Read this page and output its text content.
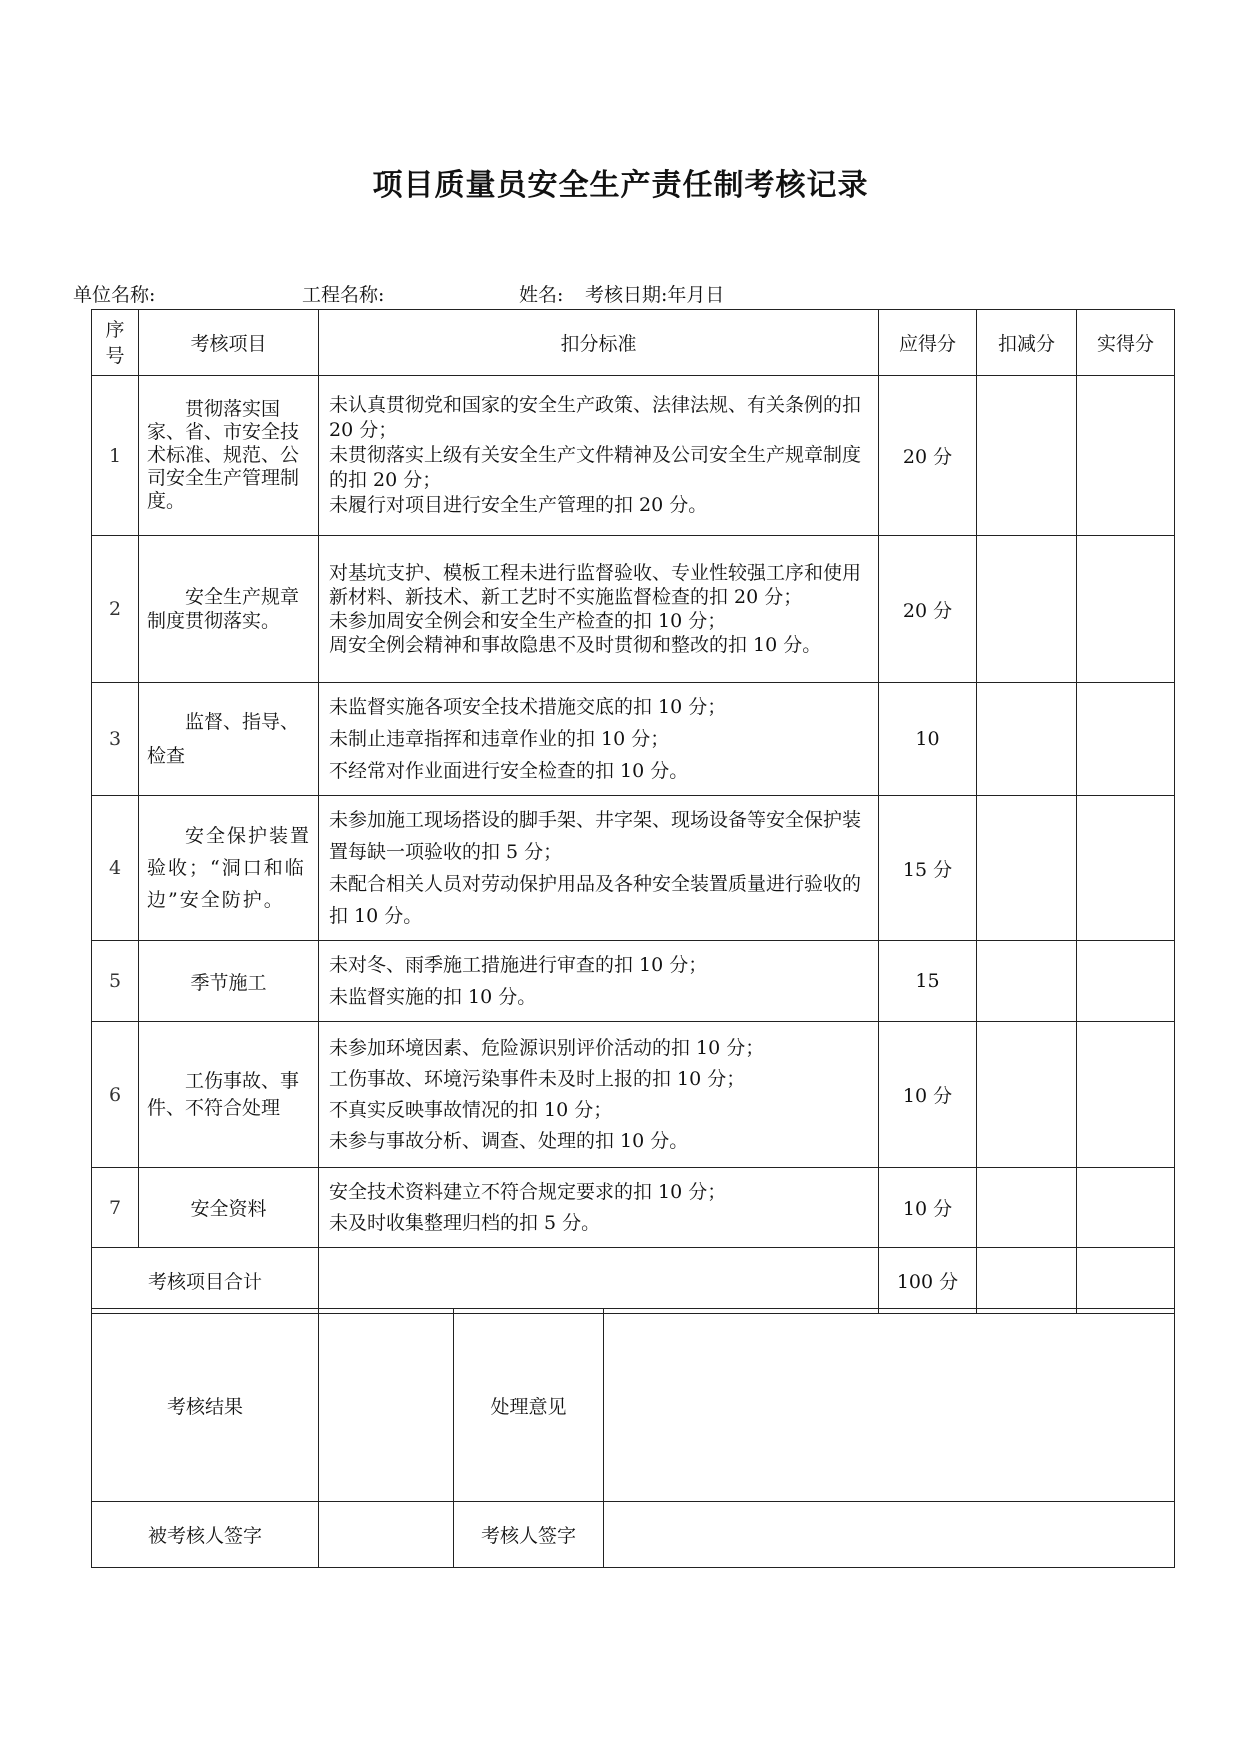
项目质量员安全生产责任制考核记录
单位名称:	工程名称:	姓名: 考核日期:年月日
序
号	考核项目	扣分标准	应得分	扣减分	实得分
1	贯彻落实国家、省、市安全技术标准、规范、公司安全生产管理制度。	未认真贯彻党和国家的安全生产政策、法律法规、有关条例的扣 20 分；
未贯彻落实上级有关安全生产文件精神及公司安全生产规章制度的扣 20 分；
未履行对项目进行安全生产管理的扣 20 分。	20 分		
2	安全生产规章制度贯彻落实。	对基坑支护、模板工程未进行监督验收、专业性较强工序和使用新材料、新技术、新工艺时不实施监督检查的扣 20 分；
未参加周安全例会和安全生产检查的扣 10 分；
周安全例会精神和事故隐患不及时贯彻和整改的扣 10 分。	20 分		
3	监督、指导、检查	未监督实施各项安全技术措施交底的扣 10 分；
未制止违章指挥和违章作业的扣 10 分；
不经常对作业面进行安全检查的扣 10 分。	10		
4	安全保护装置验收；“洞口和临边”安全防护。	未参加施工现场搭设的脚手架、井字架、现场设备等安全保护装置每缺一项验收的扣 5 分；
未配合相关人员对劳动保护用品及各种安全装置质量进行验收的扣 10 分。	15 分		
5	季节施工	未对冬、雨季施工措施进行审查的扣 10 分；
未监督实施的扣 10 分。	15		
6	工伤事故、事件、不符合处理	未参加环境因素、危险源识别评价活动的扣 10 分；
工伤事故、环境污染事件未及时上报的扣 10 分；
不真实反映事故情况的扣 10 分；
未参与事故分析、调查、处理的扣 10 分。	10 分		
7	安全资料	安全技术资料建立不符合规定要求的扣 10 分；
未及时收集整理归档的扣 5 分。	10 分		
考核项目合计			100 分		
考核结果		处理意见	
被考核人签字		考核人签字	
